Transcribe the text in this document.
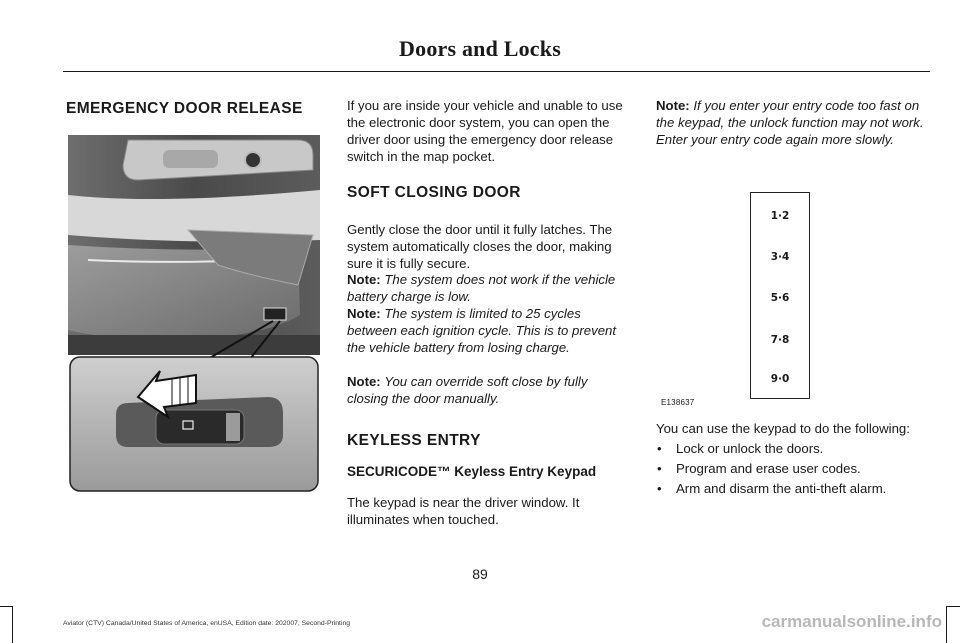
Doors and Locks
EMERGENCY DOOR RELEASE	If you are inside your vehicle and unable to use the electronic door system, you can open the driver door using the emergency door release switch in the map pocket.
SOFT CLOSING DOOR
Gently close the door until it fully latches. The system automatically closes the door, making sure it is fully secure.
Note: The system does not work if the vehicle battery charge is low.
Note: The system is limited to 25 cycles between each ignition cycle. This is to prevent the vehicle battery from losing charge.
Note: You can override soft close by fully closing the door manually.
KEYLESS ENTRY
SECURICODE™ Keyless Entry Keypad
The keypad is near the driver window. It illuminates when touched.
Note: If you enter your entry code too fast on the keypad, the unlock function may not work. Enter your entry code again more slowly.
1·2
3·4
5·6
7·8
9·0
E138637
You can use the keypad to do the following:
• Lock or unlock the doors.
• Program and erase user codes.
• Arm and disarm the anti-theft alarm.
89
Aviator (CTV) Canada/United States of America, enUSA, Edition date: 202007, Second-Printing	carmanualsonline.info
